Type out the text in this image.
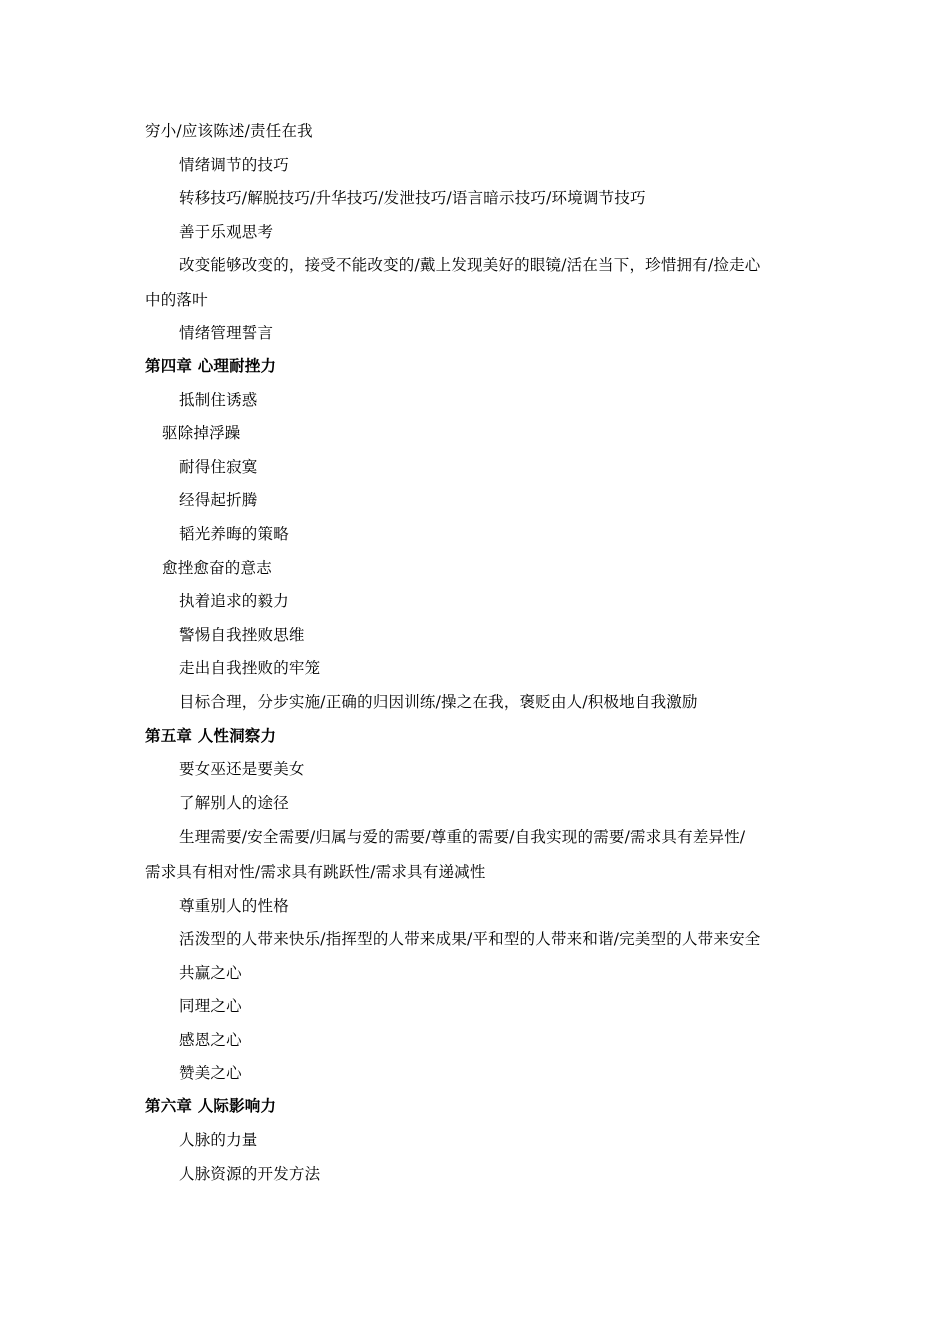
穷小/应该陈述/责任在我

情绪调节的技巧

转移技巧/解脱技巧/升华技巧/发泄技巧/语言暗示技巧/环境调节技巧

善于乐观思考

改变能够改变的，接受不能改变的/戴上发现美好的眼镜/活在当下，珍惜拥有/捡走心

中的落叶

情绪管理誓言

第四章 心理耐挫力

抵制住诱惑

驱除掉浮躁

耐得住寂寞

经得起折腾

韬光养晦的策略

愈挫愈奋的意志

执着追求的毅力

警惕自我挫败思维

走出自我挫败的牢笼

目标合理，分步实施/正确的归因训练/操之在我，褒贬由人/积极地自我激励

第五章 人性洞察力

要女巫还是要美女

了解别人的途径

生理需要/安全需要/归属与爱的需要/尊重的需要/自我实现的需要/需求具有差异性/

需求具有相对性/需求具有跳跃性/需求具有递减性

尊重别人的性格

活泼型的人带来快乐/指挥型的人带来成果/平和型的人带来和谐/完美型的人带来安全

共赢之心

同理之心

感恩之心

赞美之心

第六章 人际影响力

人脉的力量

人脉资源的开发方法
